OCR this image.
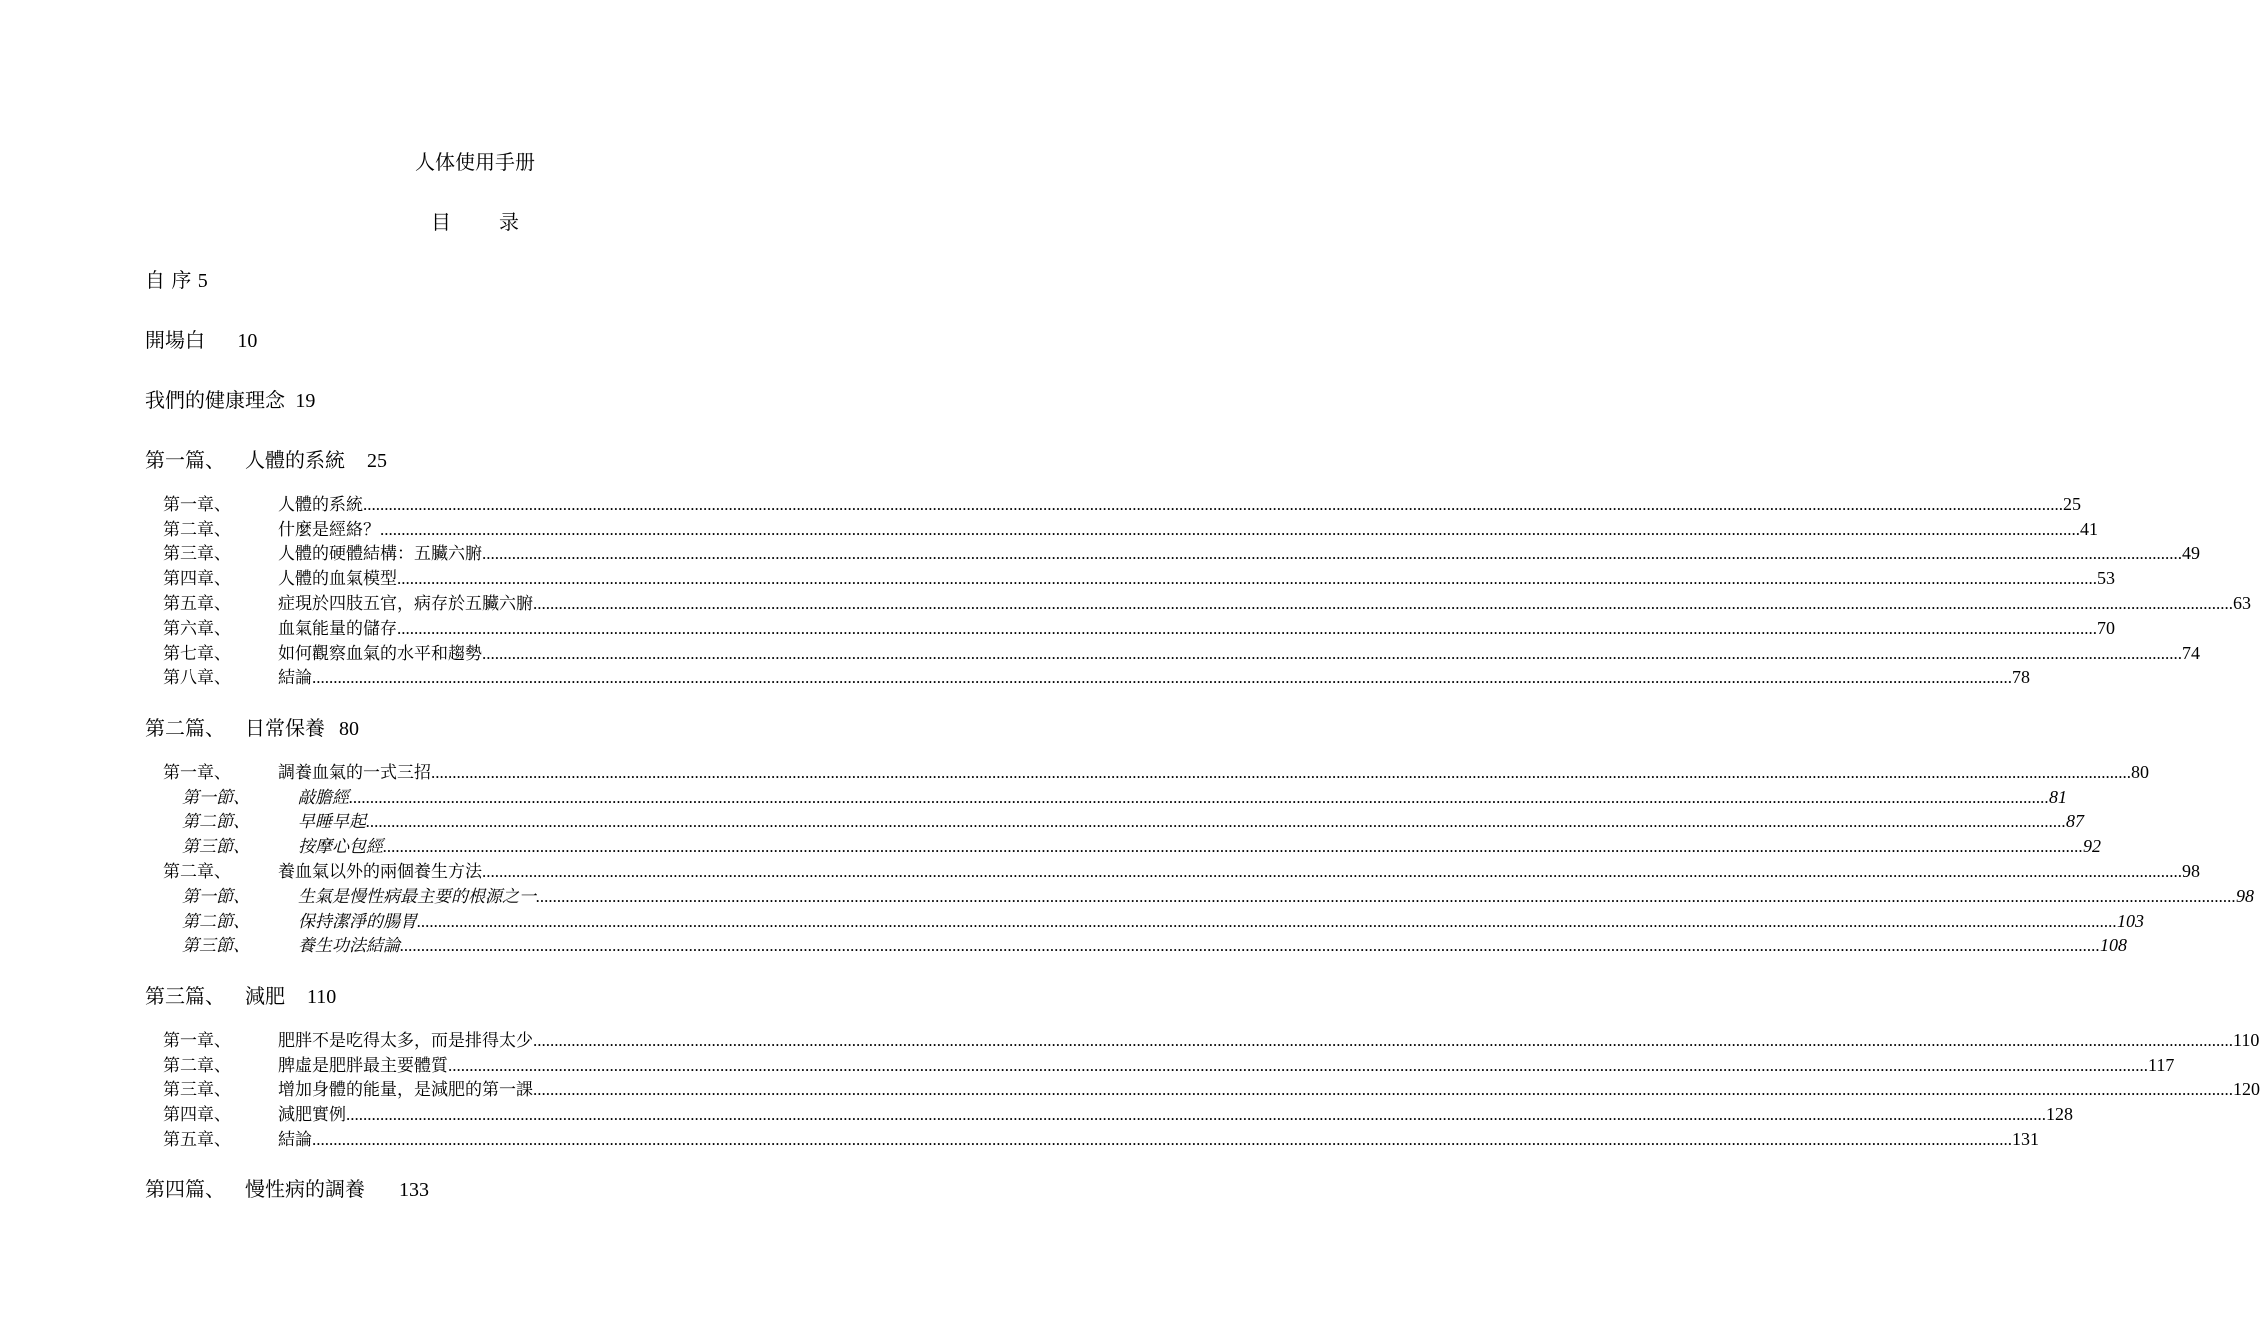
人体使用手册
目 录
自 序 5
開場白 10
我們的健康理念 19
第一篇、 人體的系統 25
第一章、	人體的系統 ................................................................................................................................................................................................................................................................................................................................................................................................................ 25
第二章、	什麼是經絡？ ................................................................................................................................................................................................................................................................................................................................................................................................................ 41
第三章、	人體的硬體結構：五臟六腑 ................................................................................................................................................................................................................................................................................................................................................................................................................ 49
第四章、	人體的血氣模型 ................................................................................................................................................................................................................................................................................................................................................................................................................ 53
第五章、	症現於四肢五官，病存於五臟六腑 ................................................................................................................................................................................................................................................................................................................................................................................................................ 63
第六章、	血氣能量的儲存 ................................................................................................................................................................................................................................................................................................................................................................................................................ 70
第七章、	如何觀察血氣的水平和趨勢 ................................................................................................................................................................................................................................................................................................................................................................................................................ 74
第八章、	結論 ................................................................................................................................................................................................................................................................................................................................................................................................................ 78
第二篇、 日常保養 80
第一章、	調養血氣的一式三招 ................................................................................................................................................................................................................................................................................................................................................................................................................ 80
第一節、	敲膽經 ................................................................................................................................................................................................................................................................................................................................................................................................................ 81
第二節、	早睡早起 ................................................................................................................................................................................................................................................................................................................................................................................................................ 87
第三節、	按摩心包經 ................................................................................................................................................................................................................................................................................................................................................................................................................ 92
第二章、	養血氣以外的兩個養生方法 ................................................................................................................................................................................................................................................................................................................................................................................................................ 98
第一節、	生氣是慢性病最主要的根源之一 ................................................................................................................................................................................................................................................................................................................................................................................................................ 98
第二節、	保持潔淨的腸胃 ................................................................................................................................................................................................................................................................................................................................................................................................................ 103
第三節、	養生功法結論 ................................................................................................................................................................................................................................................................................................................................................................................................................ 108
第三篇、 減肥 110
第一章、	肥胖不是吃得太多，而是排得太少 ................................................................................................................................................................................................................................................................................................................................................................................................................ 110
第二章、	脾虛是肥胖最主要體質 ................................................................................................................................................................................................................................................................................................................................................................................................................ 117
第三章、	增加身體的能量，是減肥的第一課 ................................................................................................................................................................................................................................................................................................................................................................................................................ 120
第四章、	減肥實例 ................................................................................................................................................................................................................................................................................................................................................................................................................ 128
第五章、	結論 ................................................................................................................................................................................................................................................................................................................................................................................................................ 131
第四篇、 慢性病的調養 133
